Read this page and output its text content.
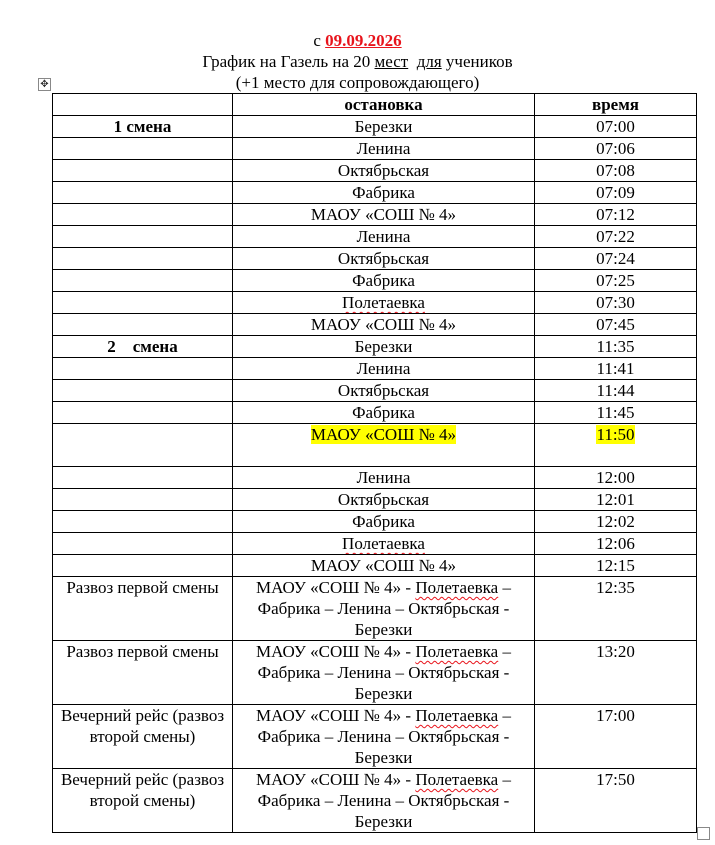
с 09.09.2026
График на Газель на 20 мест для учеников
(+1 место для сопровождающего)
✥
	остановка	время
1 смена	Березки	07:00
	Ленина	07:06
	Октябрьская	07:08
	Фабрика	07:09
	МАОУ «СОШ № 4»	07:12
	Ленина	07:22
	Октябрьская	07:24
	Фабрика	07:25
	Полетаевка	07:30
	МАОУ «СОШ № 4»	07:45
2    смена	Березки	11:35
	Ленина	11:41
	Октябрьская	11:44
	Фабрика	11:45
	МАОУ «СОШ № 4»	11:50
	Ленина	12:00
	Октябрьская	12:01
	Фабрика	12:02
	Полетаевка	12:06
	МАОУ «СОШ № 4»	12:15
Развоз первой смены	МАОУ «СОШ № 4» - Полетаевка – Фабрика – Ленина – Октябрьская - Березки	12:35
Развоз первой смены	МАОУ «СОШ № 4» - Полетаевка – Фабрика – Ленина – Октябрьская - Березки	13:20
Вечерний рейс (развоз второй смены)	МАОУ «СОШ № 4» - Полетаевка – Фабрика – Ленина – Октябрьская - Березки	17:00
Вечерний рейс (развоз второй смены)	МАОУ «СОШ № 4» - Полетаевка – Фабрика – Ленина – Октябрьская - Березки	17:50
